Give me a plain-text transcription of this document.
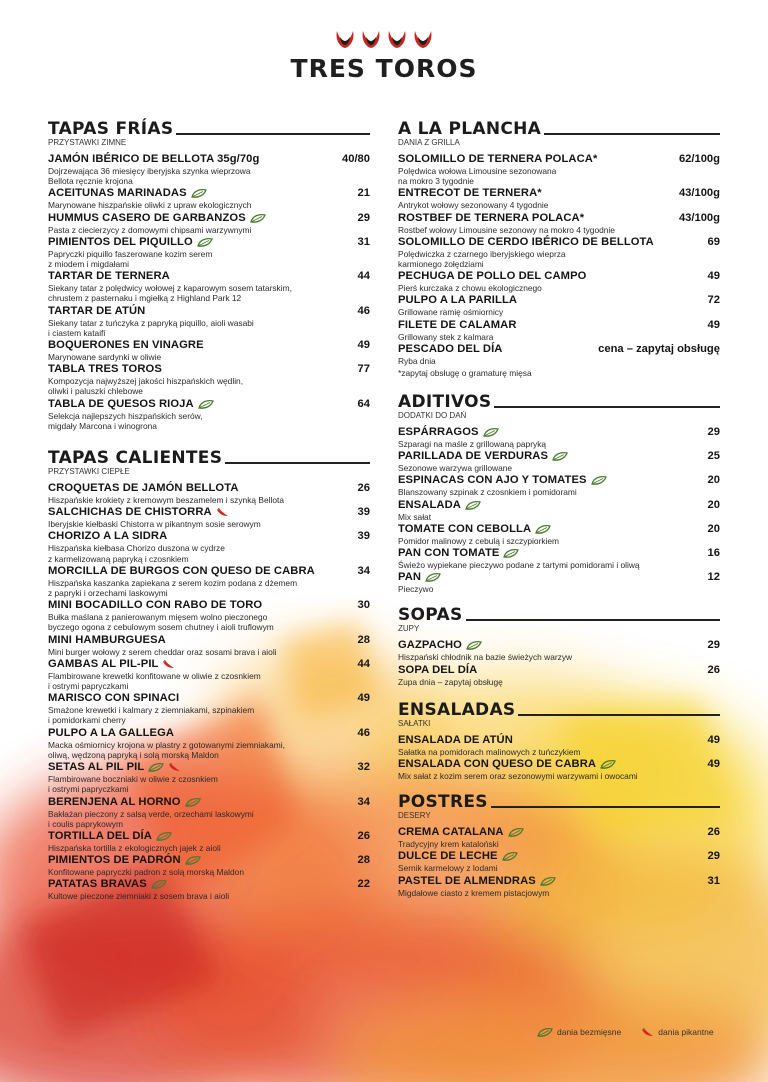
TRES TOROS
TAPAS FRÍAS
PRZYSTAWKI ZIMNE
JAMÓN IBÉRICO DE BELLOTA 35g/70g	40/80
Dojrzewająca 36 miesięcy iberyjska szynka wieprzowa
Bellota ręcznie krojona
ACEITUNAS MARINADAS	21
Marynowane hiszpańskie oliwki z upraw ekologicznych
HUMMUS CASERO DE GARBANZOS	29
Pasta z ciecierzycy z domowymi chipsami warzywnymi
PIMIENTOS DEL PIQUILLO	31
Papryczki piquillo faszerowane kozim serem
z miodem i migdałami
TARTAR DE TERNERA	44
Siekany tatar z polędwicy wołowej z kaparowym sosem tatarskim,
chrustem z pasternaku i mgiełką z Highland Park 12
TARTAR DE ATÚN	46
Siekany tatar z tuńczyka z papryką piquillo, aioli wasabi
i ciastem kataifi
BOQUERONES EN VINAGRE	49
Marynowane sardynki w oliwie
TABLA TRES TOROS	77
Kompozycja najwyższej jakości hiszpańskich wędlin,
oliwki i paluszki chlebowe
TABLA DE QUESOS RIOJA	64
Selekcja najlepszych hiszpańskich serów,
migdały Marcona i winogrona
TAPAS CALIENTES
PRZYSTAWKI CIEPŁE
CROQUETAS DE JAMÓN BELLOTA	26
Hiszpańskie krokiety z kremowym beszamelem i szynką Bellota
SALCHICHAS DE CHISTORRA	39
Iberyjskie kiełbaski Chistorra w pikantnym sosie serowym
CHORIZO A LA SIDRA	39
Hiszpańska kiełbasa Chorizo duszona w cydrze
z karmelizowaną papryką i czosnkiem
MORCILLA DE BURGOS CON QUESO DE CABRA	34
Hiszpańska kaszanka zapiekana z serem kozim podana z dżemem
z papryki i orzechami laskowymi
MINI BOCADILLO CON RABO DE TORO	30
Bułka maślana z panierowanym mięsem wolno pieczonego
byczego ogona z cebulowym sosem chutney i aioli truflowym
MINI HAMBURGUESA	28
Mini burger wołowy z serem cheddar oraz sosami brava i aioli
GAMBAS AL PIL-PIL	44
Flambirowane krewetki konfitowane w oliwie z czosnkiem
i ostrymi papryczkami
MARISCO CON SPINACI	49
Smażone krewetki i kalmary z ziemniakami, szpinakiem
i pomidorkami cherry
PULPO A LA GALLEGA	46
Macka ośmiornicy krojona w plastry z gotowanymi ziemniakami,
oliwą, wędzoną papryką i solą morską Maldon
SETAS AL PIL PIL	32
Flambirowane boczniaki w oliwie z czosnkiem
i ostrymi papryczkami
BERENJENA AL HORNO	34
Bakłażan pieczony z salsą verde, orzechami laskowymi
i coulis paprykowym
TORTILLA DEL DÍA	26
Hiszpańska tortilla z ekologicznych jajek z aioli
PIMIENTOS DE PADRÓN	28
Konfitowane papryczki padron z solą morską Maldon
PATATAS BRAVAS	22
Kultowe pieczone ziemniaki z sosem brava i aioli
A LA PLANCHA
DANIA Z GRILLA
SOLOMILLO DE TERNERA POLACA*	62/100g
Polędwica wołowa Limousine sezonowana
na mokro 3 tygodnie
ENTRECOT DE TERNERA*	43/100g
Antrykot wołowy sezonowany 4 tygodnie
ROSTBEF DE TERNERA POLACA*	43/100g
Rostbef wołowy Limousine sezonowy na mokro 4 tygodnie
SOLOMILLO DE CERDO IBÉRICO DE BELLOTA	69
Polędwiczka z czarnego iberyjskiego wieprza
karmionego żołędziami
PECHUGA DE POLLO DEL CAMPO	49
Pierś kurczaka z chowu ekologicznego
PULPO A LA PARILLA	72
Grillowane ramię ośmiornicy
FILETE DE CALAMAR	49
Grillowany stek z kalmara
PESCADO DEL DÍA	cena – zapytaj obsługę
Ryba dnia
*zapytaj obsługę o gramaturę mięsa
ADITIVOS
DODATKI DO DAŃ
ESPÁRRAGOS	29
Szparagi na maśle z grillowaną papryką
PARILLADA DE VERDURAS	25
Sezonowe warzywa grillowane
ESPINACAS CON AJO Y TOMATES	20
Blanszowany szpinak z czosnkiem i pomidorami
ENSALADA	20
Mix sałat
TOMATE CON CEBOLLA	20
Pomidor malinowy z cebulą i szczypiorkiem
PAN CON TOMATE	16
Świeżo wypiekane pieczywo podane z tartymi pomidorami i oliwą
PAN	12
Pieczywo
SOPAS
ZUPY
GAZPACHO	29
Hiszpański chłodnik na bazie świeżych warzyw
SOPA DEL DÍA	26
Zupa dnia – zapytaj obsługę
ENSALADAS
SAŁATKI
ENSALADA DE ATÚN	49
Sałatka na pomidorach malinowych z tuńczykiem
ENSALADA CON QUESO DE CABRA	49
Mix sałat z kozim serem oraz sezonowymi warzywami i owocami
POSTRES
DESERY
CREMA CATALANA	26
Tradycyjny krem kataloński
DULCE DE LECHE	29
Sernik karmelowy z lodami
PASTEL DE ALMENDRAS	31
Migdałowe ciasto z kremem pistacjowym
dania bezmięsne	dania pikantne
